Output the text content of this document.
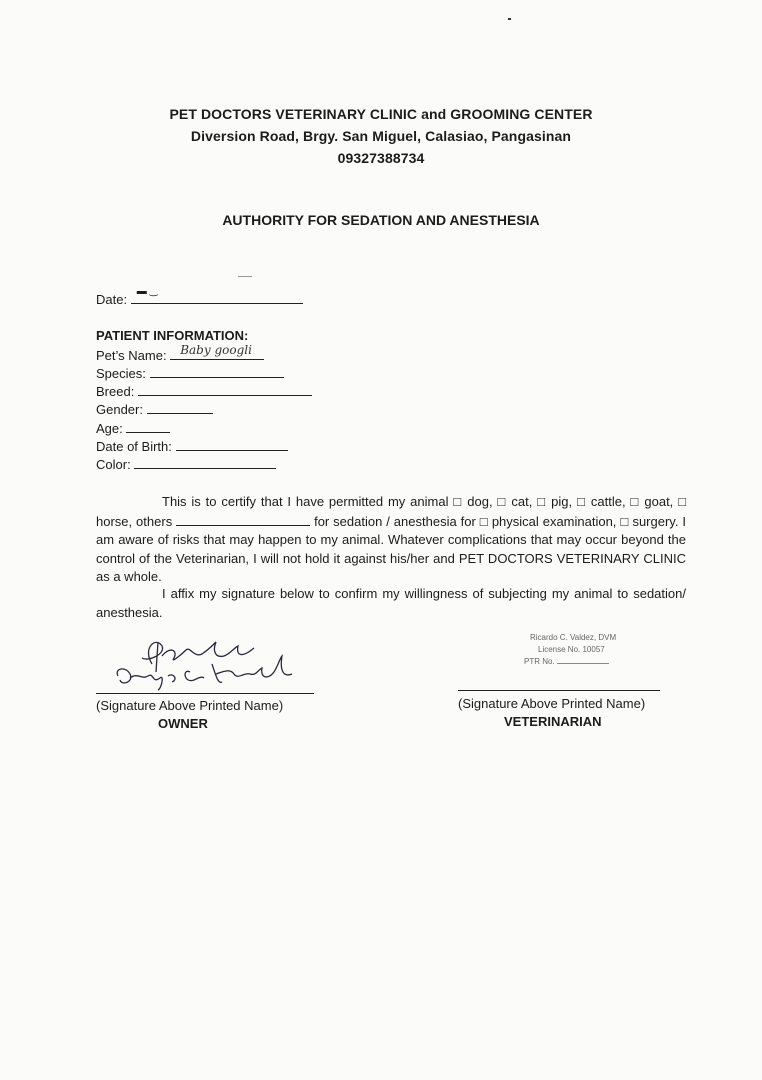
PET DOCTORS VETERINARY CLINIC and GROOMING CENTER
Diversion Road, Brgy. San Miguel, Calasiao, Pangasinan
09327388734
AUTHORITY FOR SEDATION AND ANESTHESIA
Date:
▬ ‿
PATIENT INFORMATION:
Pet’s Name: Baby googli
Species:
Breed:
Gender:
Age:
Date of Birth:
Color:
This is to certify that I have permitted my animal □ dog, □ cat, □ pig, □ cattle, □ goat, □ horse, others	for sedation / anesthesia for □ physical examination, □ surgery. I am aware of risks that may happen to my animal. Whatever complications that may occur beyond the control of the Veterinarian, I will not hold it against his/her and PET DOCTORS VETERINARY CLINIC as a whole.
I affix my signature below to confirm my willingness of subjecting my animal to sedation/ anesthesia.
(Signature Above Printed Name)
OWNER
Ricardo C. Valdez, DVM
License No. 10057
PTR No.
(Signature Above Printed Name)
VETERINARIAN
